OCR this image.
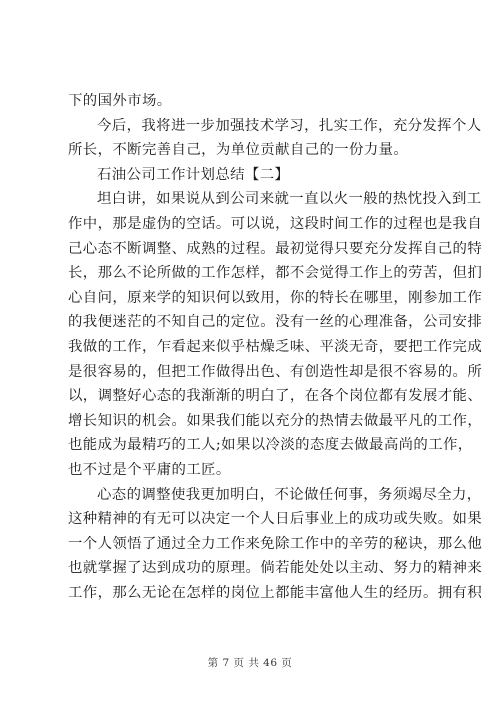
下的国外市场。
今后，我将进一步加强技术学习，扎实工作，充分发挥个人
所长，不断完善自己，为单位贡献自己的一份力量。
石油公司工作计划总结【二】
坦白讲，如果说从到公司来就一直以火一般的热忱投入到工
作中，那是虚伪的空话。可以说，这段时间工作的过程也是我自
己心态不断调整、成熟的过程。最初觉得只要充分发挥自己的特
长，那么不论所做的工作怎样，都不会觉得工作上的劳苦，但扪
心自问，原来学的知识何以致用，你的特长在哪里，刚参加工作
的我便迷茫的不知自己的定位。没有一丝的心理准备，公司安排
我做的工作，乍看起来似乎枯燥乏味、平淡无奇，要把工作完成
是很容易的，但把工作做得出色、有创造性却是很不容易的。所
以，调整好心态的我渐渐的明白了，在各个岗位都有发展才能、
增长知识的机会。如果我们能以充分的热情去做最平凡的工作，
也能成为最精巧的工人;如果以冷淡的态度去做最高尚的工作，
也不过是个平庸的工匠。
心态的调整使我更加明白，不论做任何事，务须竭尽全力，
这种精神的有无可以决定一个人日后事业上的成功或失败。如果
一个人领悟了通过全力工作来免除工作中的辛劳的秘诀，那么他
也就掌握了达到成功的原理。倘若能处处以主动、努力的精神来
工作，那么无论在怎样的岗位上都能丰富他人生的经历。拥有积
第 7 页 共 46 页
